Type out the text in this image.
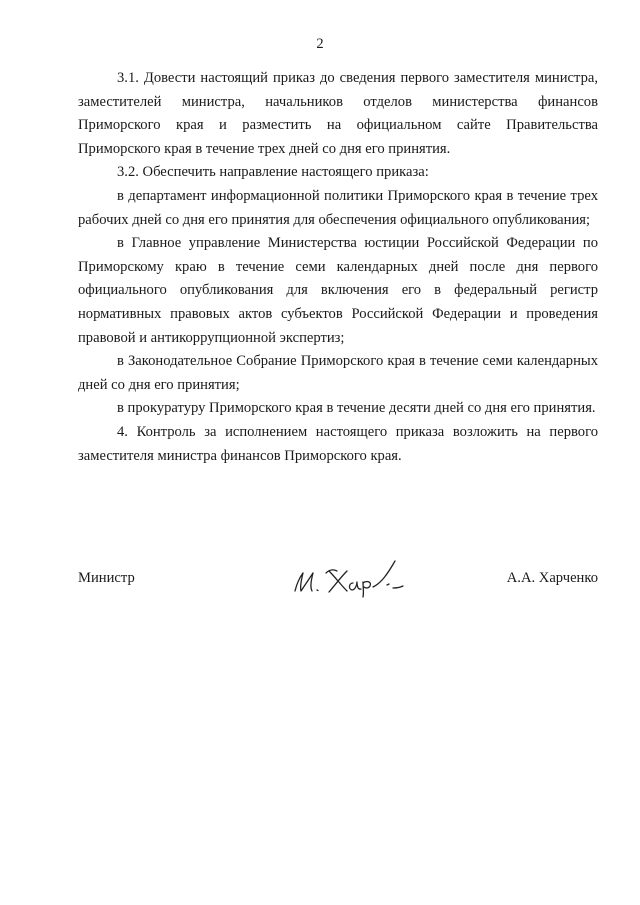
2

3.1. Довести настоящий приказ до сведения первого заместителя министра, заместителей министра, начальников отделов министерства финансов Приморского края и разместить на официальном сайте Правительства Приморского края в течение трех дней со дня его принятия.

3.2. Обеспечить направление настоящего приказа:

в департамент информационной политики Приморского края в течение трех рабочих дней со дня его принятия для обеспечения официального опубликования;

в Главное управление Министерства юстиции Российской Федерации по Приморскому краю в течение семи календарных дней после дня первого официального опубликования для включения его в федеральный регистр нормативных правовых актов субъектов Российской Федерации и проведения правовой и антикоррупционной экспертиз;

в Законодательное Собрание Приморского края в течение семи календарных дней со дня его принятия;

в прокуратуру Приморского края в течение десяти дней со дня его принятия.

4. Контроль за исполнением настоящего приказа возложить на первого заместителя министра финансов Приморского края.

Министр	А.А. Харченко
